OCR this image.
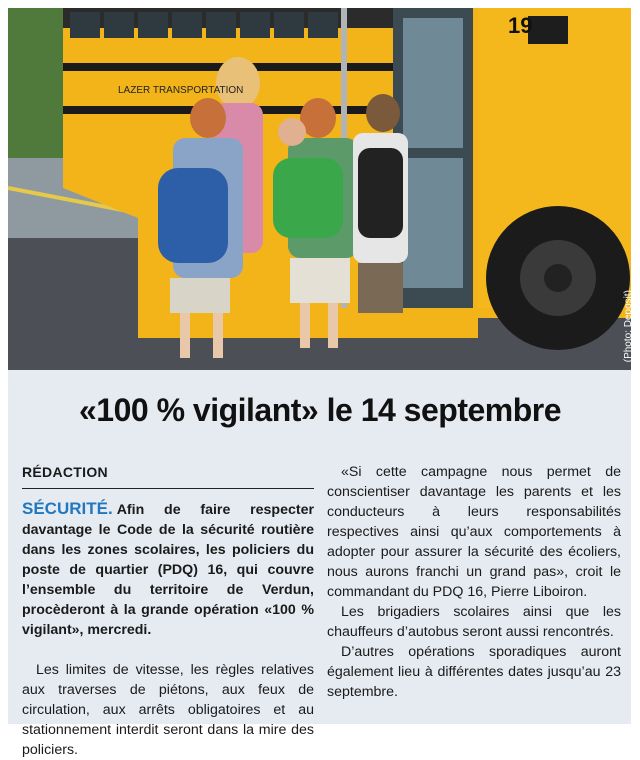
19
LAZER TRANSPORTATION
(Photo: Deposit)
«100 % vigilant» le 14 septembre
RÉDACTION

SÉCURITÉ. Afin de faire respecter davantage le Code de la sécurité routière dans les zones scolaires, les policiers du poste de quartier (PDQ) 16, qui couvre l’ensemble du territoire de Verdun, procèderont à la grande opération «100 % vigilant», mercredi.

Les limites de vitesse, les règles relatives aux traverses de piétons, aux feux de circulation, aux arrêts obligatoires et au stationnement interdit seront dans la mire des policiers.

«Si cette campagne nous permet de conscientiser davantage les parents et les conducteurs à leurs responsabilités respectives ainsi qu’aux comportements à adopter pour assurer la sécurité des écoliers, nous aurons franchi un grand pas», croit le commandant du PDQ 16, Pierre Liboiron.

Les brigadiers scolaires ainsi que les chauffeurs d’autobus seront aussi rencontrés.

D’autres opérations sporadiques auront également lieu à différentes dates jusqu’au 23 septembre.
